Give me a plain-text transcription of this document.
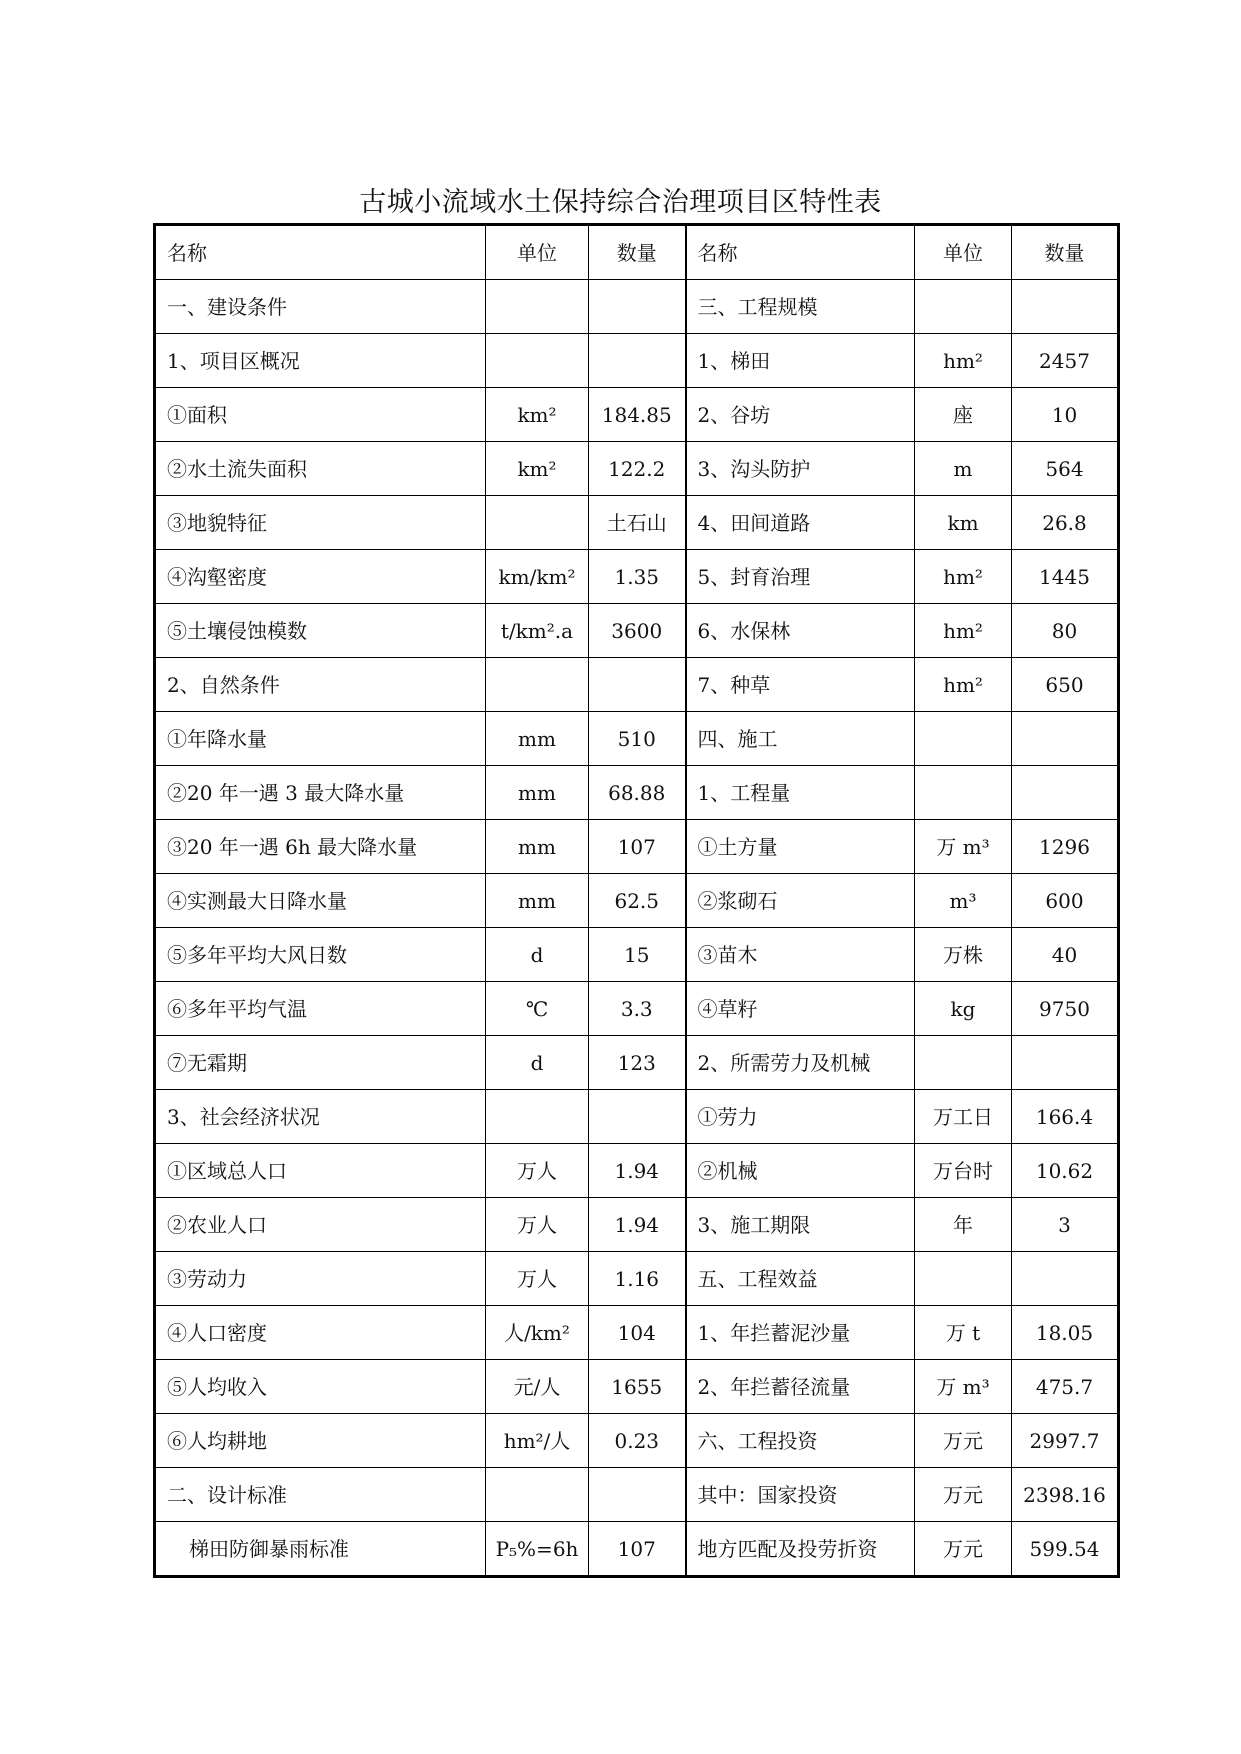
古城小流域水土保持综合治理项目区特性表
名称	单位	数量	名称	单位	数量
一、建设条件			三、工程规模		
1、项目区概况			1、梯田	hm²	2457
①面积	km²	184.85	2、谷坊	座	10
②水土流失面积	km²	122.2	3、沟头防护	m	564
③地貌特征		土石山	4、田间道路	km	26.8
④沟壑密度	km/km²	1.35	5、封育治理	hm²	1445
⑤土壤侵蚀模数	t/km².a	3600	6、水保林	hm²	80
2、自然条件			7、种草	hm²	650
①年降水量	mm	510	四、施工		
②20 年一遇 3 最大降水量	mm	68.88	1、工程量		
③20 年一遇 6h 最大降水量	mm	107	①土方量	万 m³	1296
④实测最大日降水量	mm	62.5	②浆砌石	m³	600
⑤多年平均大风日数	d	15	③苗木	万株	40
⑥多年平均气温	℃	3.3	④草籽	kg	9750
⑦无霜期	d	123	2、所需劳力及机械		
3、社会经济状况			①劳力	万工日	166.4
①区域总人口	万人	1.94	②机械	万台时	10.62
②农业人口	万人	1.94	3、施工期限	年	3
③劳动力	万人	1.16	五、工程效益		
④人口密度	人/km²	104	1、年拦蓄泥沙量	万 t	18.05
⑤人均收入	元/人	1655	2、年拦蓄径流量	万 m³	475.7
⑥人均耕地	hm²/人	0.23	六、工程投资	万元	2997.7
二、设计标准			其中：国家投资	万元	2398.16
梯田防御暴雨标准	P₅%=6h	107	地方匹配及投劳折资	万元	599.54
